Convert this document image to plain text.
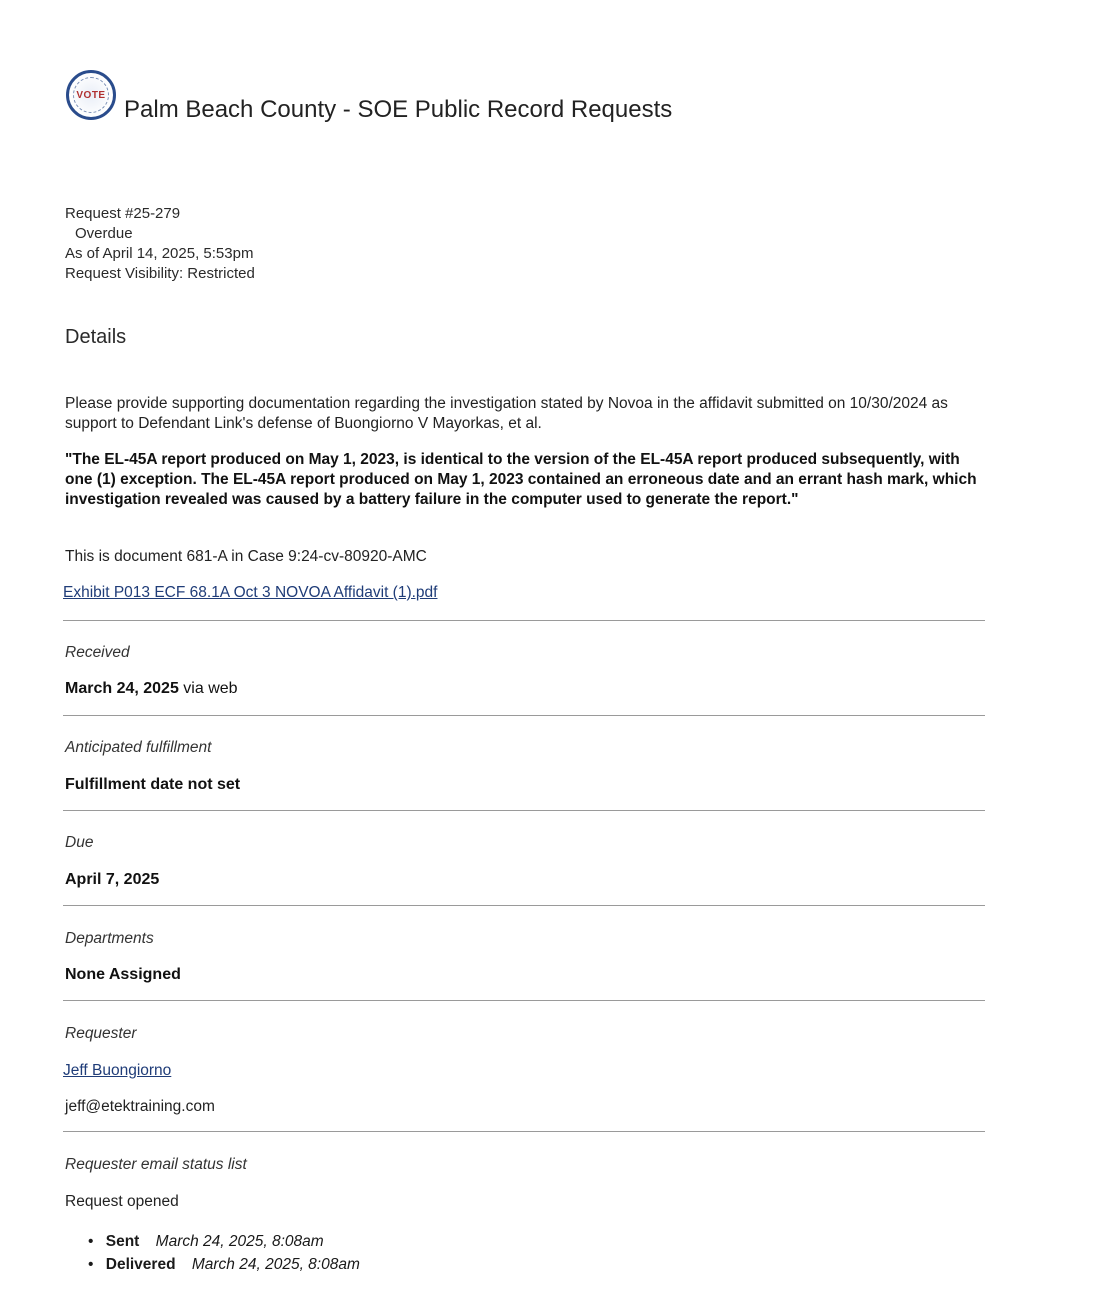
VOTE
Palm Beach County - SOE Public Record Requests
Request #25-279
Overdue
As of April 14, 2025, 5:53pm
Request Visibility: Restricted
Details
Please provide supporting documentation regarding the investigation stated by Novoa in the affidavit submitted on 10/30/2024 as support to Defendant Link's defense of Buongiorno V Mayorkas, et al.
"The EL-45A report produced on May 1, 2023, is identical to the version of the EL-45A report produced subsequently, with one (1) exception. The EL-45A report produced on May 1, 2023 contained an erroneous date and an errant hash mark, which investigation revealed was caused by a battery failure in the computer used to generate the report."
This is document 681-A in Case 9:24-cv-80920-AMC
Exhibit P013 ECF 68.1A Oct 3 NOVOA Affidavit (1).pdf
Received
March 24, 2025 via web
Anticipated fulfillment
Fulfillment date not set
Due
April 7, 2025
Departments
None Assigned
Requester
Jeff Buongiorno
jeff@etektraining.com
Requester email status list
Request opened
• Sent March 24, 2025, 8:08am
• Delivered March 24, 2025, 8:08am
